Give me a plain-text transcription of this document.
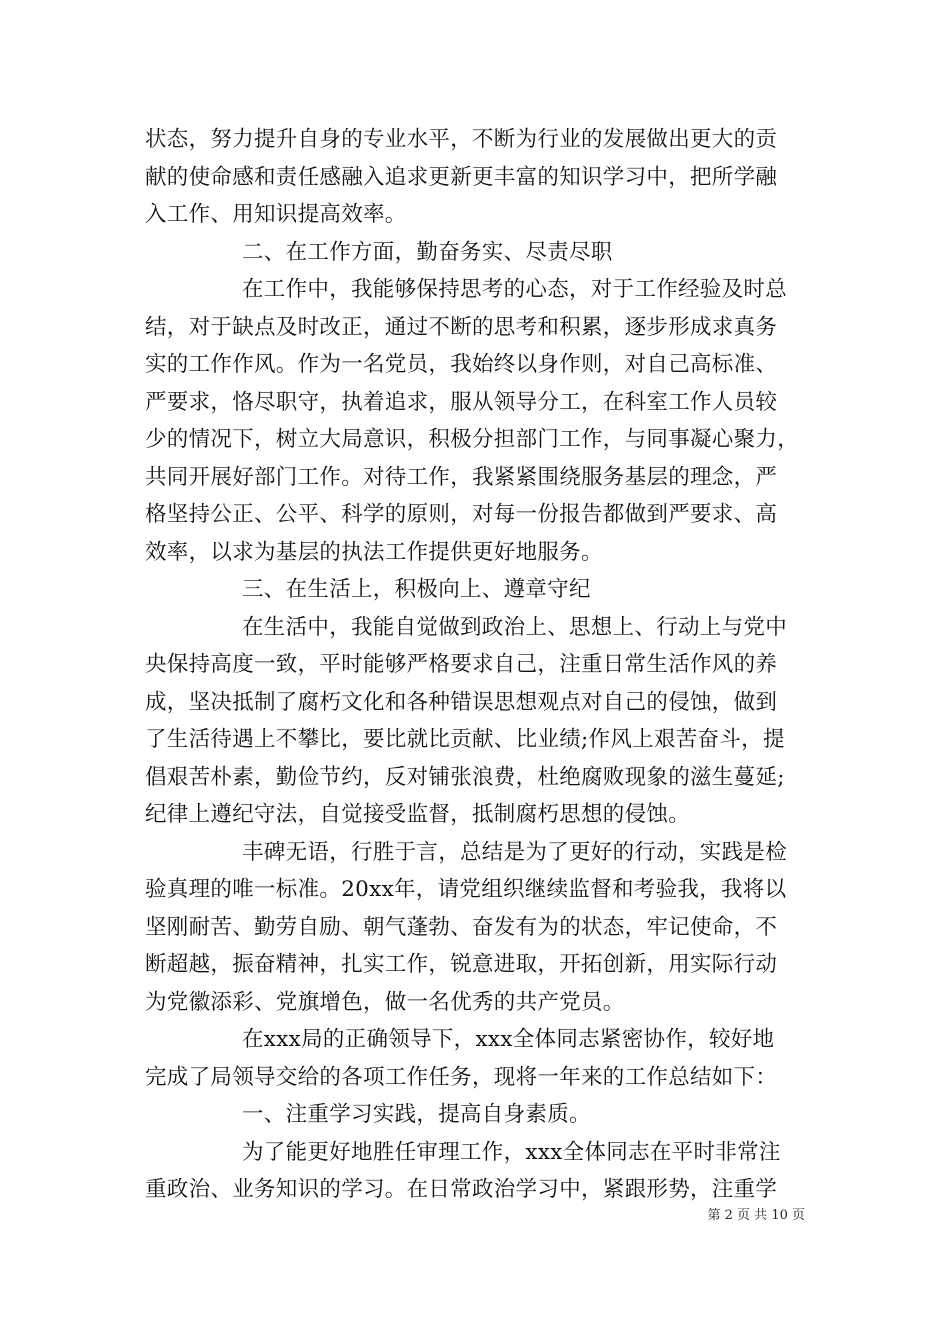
状态，努力提升自身的专业水平，不断为行业的发展做出更大的贡
献的使命感和责任感融入追求更新更丰富的知识学习中，把所学融
入工作、用知识提高效率。
二、在工作方面，勤奋务实、尽责尽职
在工作中，我能够保持思考的心态，对于工作经验及时总
结，对于缺点及时改正，通过不断的思考和积累，逐步形成求真务
实的工作作风。作为一名党员，我始终以身作则，对自己高标准、
严要求，恪尽职守，执着追求，服从领导分工，在科室工作人员较
少的情况下，树立大局意识，积极分担部门工作，与同事凝心聚力，
共同开展好部门工作。对待工作，我紧紧围绕服务基层的理念，严
格坚持公正、公平、科学的原则，对每一份报告都做到严要求、高
效率，以求为基层的执法工作提供更好地服务。
三、在生活上，积极向上、遵章守纪
在生活中，我能自觉做到政治上、思想上、行动上与党中
央保持高度一致，平时能够严格要求自己，注重日常生活作风的养
成，坚决抵制了腐朽文化和各种错误思想观点对自己的侵蚀，做到
了生活待遇上不攀比，要比就比贡献、比业绩;作风上艰苦奋斗，提
倡艰苦朴素，勤俭节约，反对铺张浪费，杜绝腐败现象的滋生蔓延;
纪律上遵纪守法，自觉接受监督，抵制腐朽思想的侵蚀。
丰碑无语，行胜于言，总结是为了更好的行动，实践是检
验真理的唯一标准。20xx年，请党组织继续监督和考验我，我将以
坚刚耐苦、勤劳自励、朝气蓬勃、奋发有为的状态，牢记使命，不
断超越，振奋精神，扎实工作，锐意进取，开拓创新，用实际行动
为党徽添彩、党旗增色，做一名优秀的共产党员。
在xxx局的正确领导下，xxx全体同志紧密协作，较好地
完成了局领导交给的各项工作任务，现将一年来的工作总结如下：
一、注重学习实践，提高自身素质。
为了能更好地胜任审理工作，xxx全体同志在平时非常注
重政治、业务知识的学习。在日常政治学习中，紧跟形势，注重学
第 2 页 共 10 页
